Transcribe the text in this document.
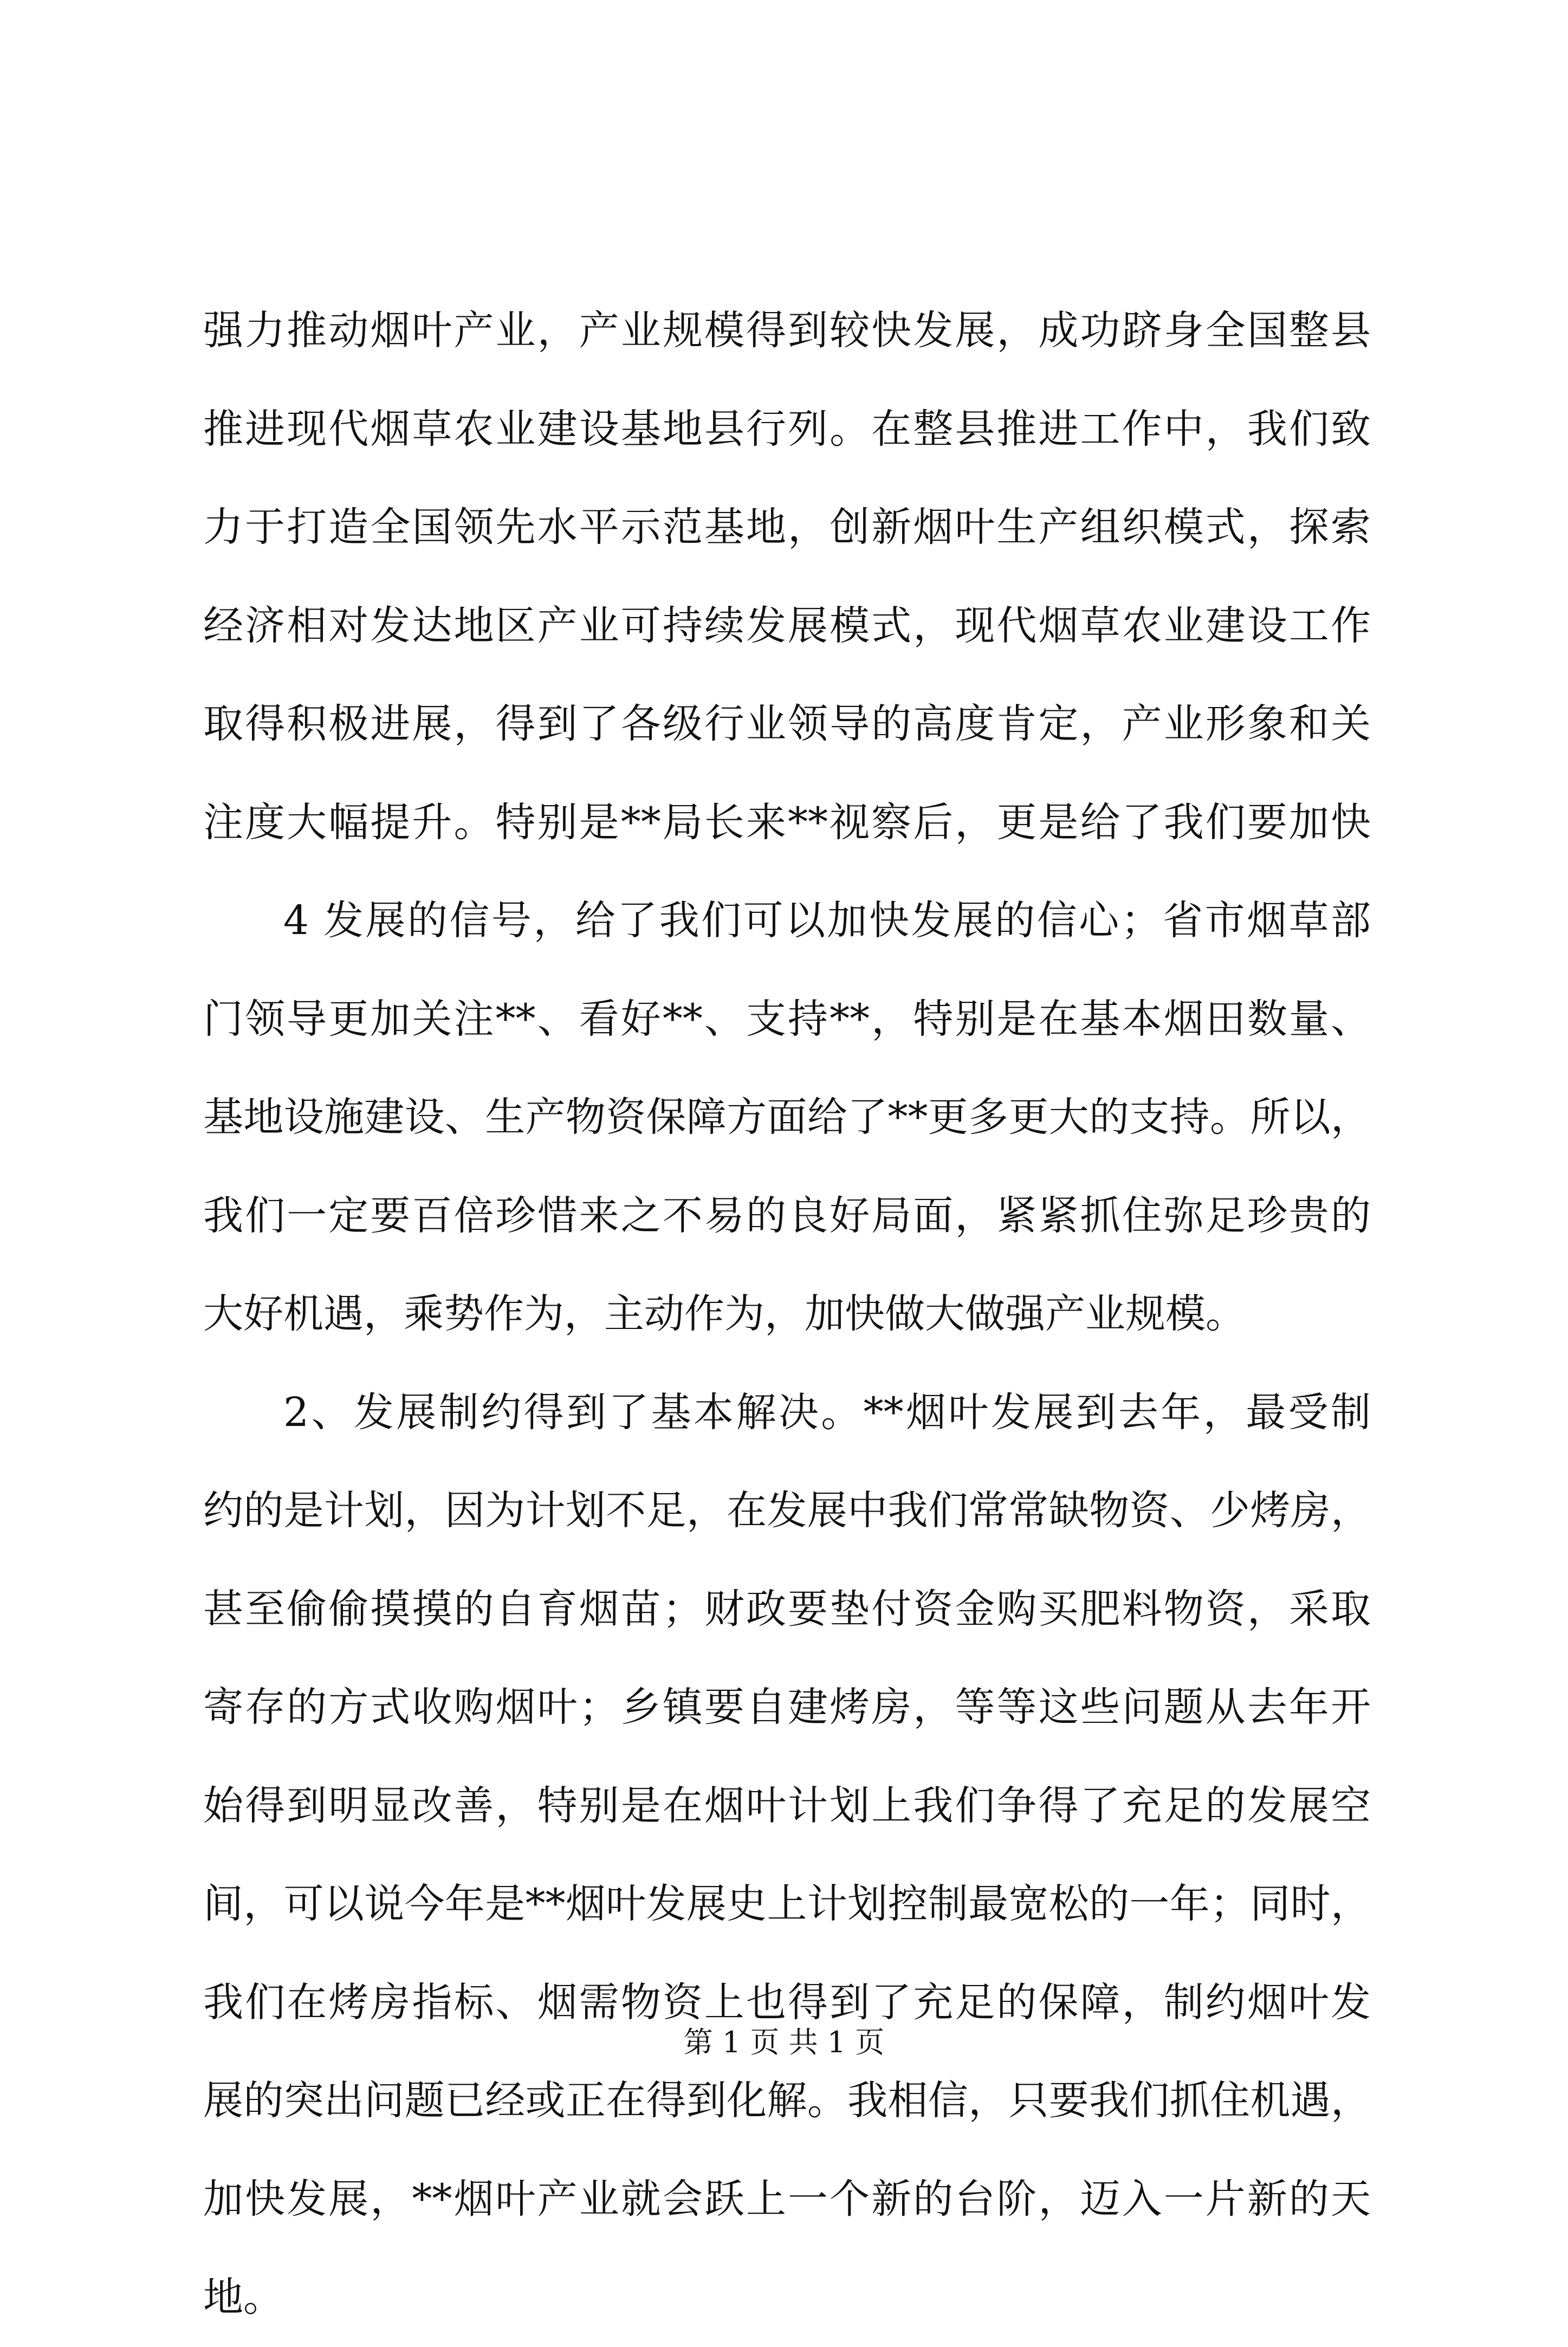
强力推动烟叶产业，产业规模得到较快发展，成功跻身全国整县
推进现代烟草农业建设基地县行列。在整县推进工作中，我们致
力于打造全国领先水平示范基地，创新烟叶生产组织模式，探索
经济相对发达地区产业可持续发展模式，现代烟草农业建设工作
取得积极进展，得到了各级行业领导的高度肯定，产业形象和关
注度大幅提升。特别是**局长来**视察后，更是给了我们要加快
4 发展的信号，给了我们可以加快发展的信心；省市烟草部
门领导更加关注**、看好**、支持**，特别是在基本烟田数量、
基地设施建设、生产物资保障方面给了**更多更大的支持。所以，
我们一定要百倍珍惜来之不易的良好局面，紧紧抓住弥足珍贵的
大好机遇，乘势作为，主动作为，加快做大做强产业规模。
2、发展制约得到了基本解决。**烟叶发展到去年，最受制
约的是计划，因为计划不足，在发展中我们常常缺物资、少烤房，
甚至偷偷摸摸的自育烟苗；财政要垫付资金购买肥料物资，采取
寄存的方式收购烟叶；乡镇要自建烤房，等等这些问题从去年开
始得到明显改善，特别是在烟叶计划上我们争得了充足的发展空
间，可以说今年是**烟叶发展史上计划控制最宽松的一年；同时，
我们在烤房指标、烟需物资上也得到了充足的保障，制约烟叶发
展的突出问题已经或正在得到化解。我相信，只要我们抓住机遇，
加快发展，**烟叶产业就会跃上一个新的台阶，迈入一片新的天
地。
第 1 页 共 1 页
